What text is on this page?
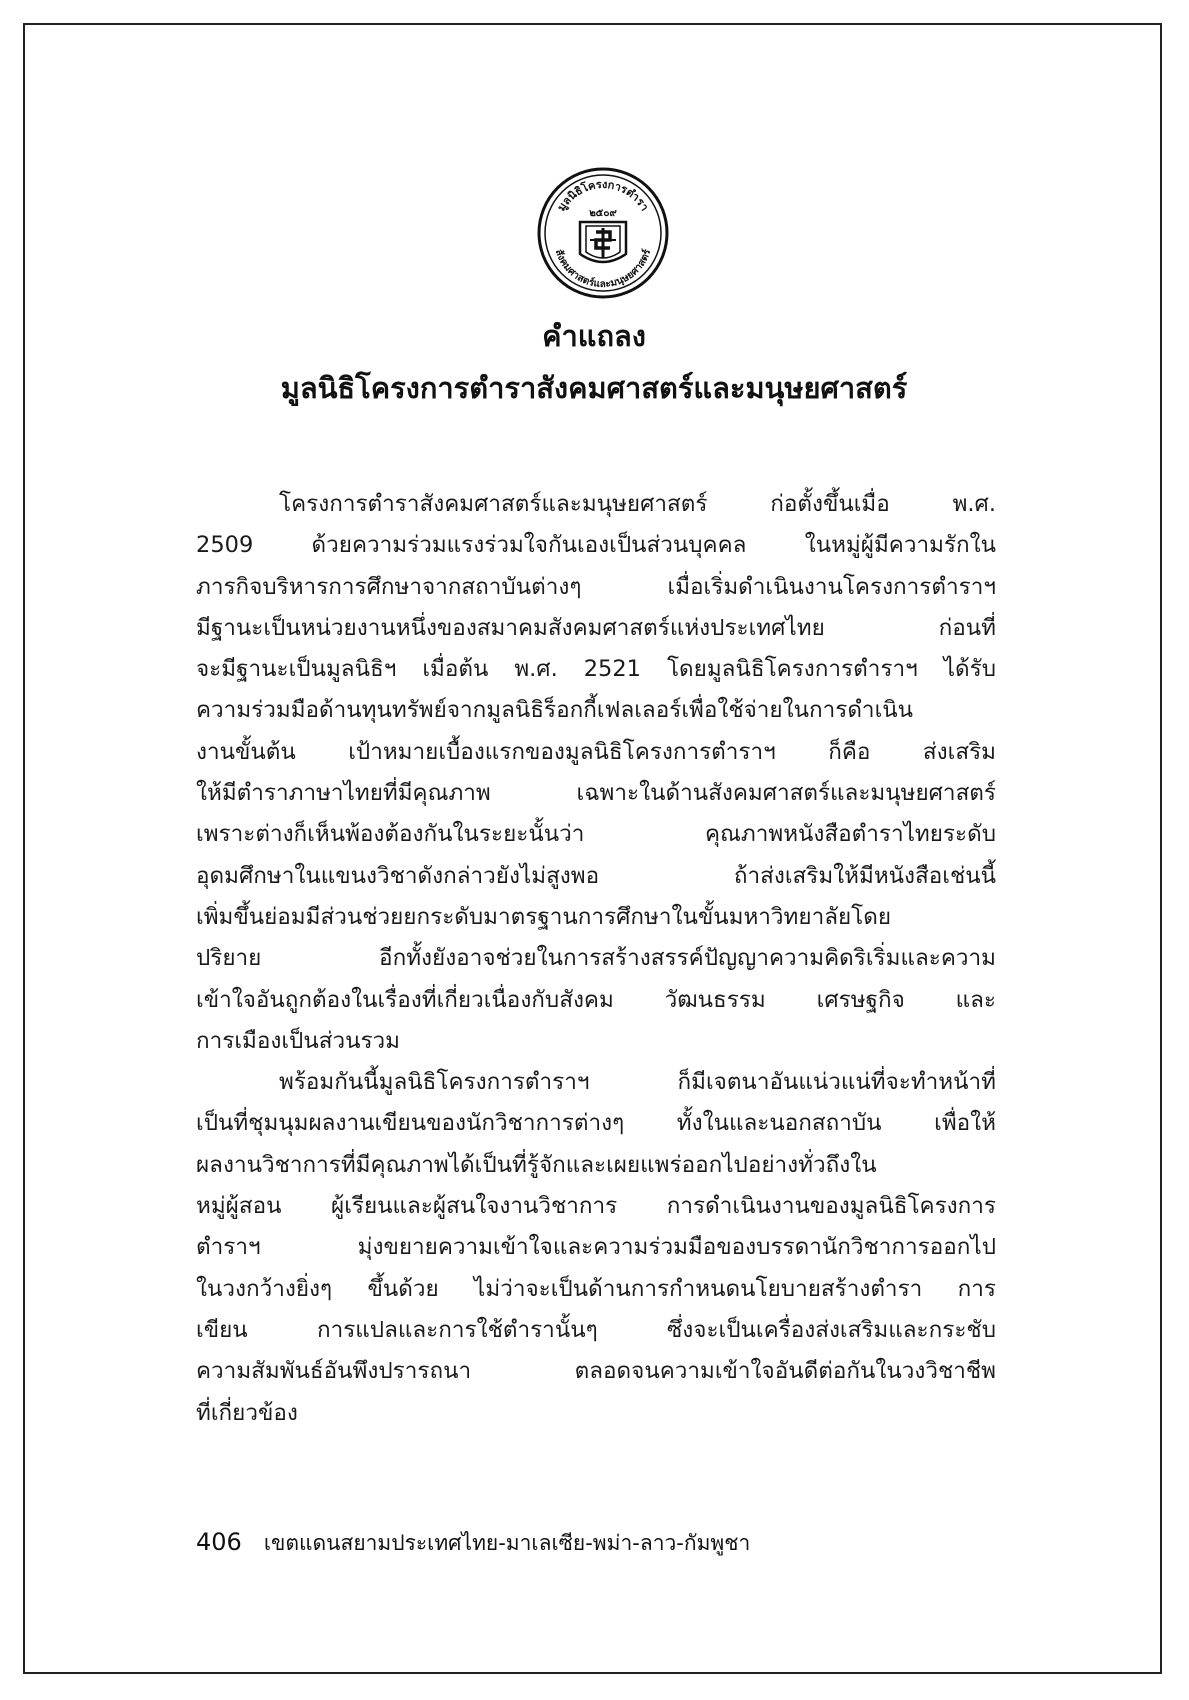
มูลนิธิโครงการตำรา
สังคมศาสตร์และมนุษยศาสตร์
๒๕๐๙
คำแถลง
มูลนิธิโครงการตำราสังคมศาสตร์และมนุษยศาสตร์
โครงการตำราสังคมศาสตร์และมนุษยศาสตร์ ก่อตั้งขึ้นเมื่อ พ.ศ.
2509 ด้วยความร่วมแรงร่วมใจกันเองเป็นส่วนบุคคล ในหมู่ผู้มีความรักใน
ภารกิจบริหารการศึกษาจากสถาบันต่างๆ เมื่อเริ่มดำเนินงานโครงการตำราฯ
มีฐานะเป็นหน่วยงานหนึ่งของสมาคมสังคมศาสตร์แห่งประเทศไทย ก่อนที่
จะมีฐานะเป็นมูลนิธิฯ เมื่อต้น พ.ศ. 2521 โดยมูลนิธิโครงการตำราฯ ได้รับ
ความร่วมมือด้านทุนทรัพย์จากมูลนิธิร็อกกี้เฟลเลอร์เพื่อใช้จ่ายในการดำเนิน
งานขั้นต้น เป้าหมายเบื้องแรกของมูลนิธิโครงการตำราฯ ก็คือ ส่งเสริม
ให้มีตำราภาษาไทยที่มีคุณภาพ เฉพาะในด้านสังคมศาสตร์และมนุษยศาสตร์
เพราะต่างก็เห็นพ้องต้องกันในระยะนั้นว่า คุณภาพหนังสือตำราไทยระดับ
อุดมศึกษาในแขนงวิชาดังกล่าวยังไม่สูงพอ ถ้าส่งเสริมให้มีหนังสือเช่นนี้
เพิ่มขึ้นย่อมมีส่วนช่วยยกระดับมาตรฐานการศึกษาในขั้นมหาวิทยาลัยโดย
ปริยาย อีกทั้งยังอาจช่วยในการสร้างสรรค์ปัญญาความคิดริเริ่มและความ
เข้าใจอันถูกต้องในเรื่องที่เกี่ยวเนื่องกับสังคม วัฒนธรรม เศรษฐกิจ และ
การเมืองเป็นส่วนรวม
พร้อมกันนี้มูลนิธิโครงการตำราฯ ก็มีเจตนาอันแน่วแน่ที่จะทำหน้าที่
เป็นที่ชุมนุมผลงานเขียนของนักวิชาการต่างๆ ทั้งในและนอกสถาบัน เพื่อให้
ผลงานวิชาการที่มีคุณภาพได้เป็นที่รู้จักและเผยแพร่ออกไปอย่างทั่วถึงใน
หมู่ผู้สอน ผู้เรียนและผู้สนใจงานวิชาการ การดำเนินงานของมูลนิธิโครงการ
ตำราฯ มุ่งขยายความเข้าใจและความร่วมมือของบรรดานักวิชาการออกไป
ในวงกว้างยิ่งๆ ขึ้นด้วย ไม่ว่าจะเป็นด้านการกำหนดนโยบายสร้างตำรา การ
เขียน การแปลและการใช้ตำรานั้นๆ ซึ่งจะเป็นเครื่องส่งเสริมและกระชับ
ความสัมพันธ์อันพึงปรารถนา ตลอดจนความเข้าใจอันดีต่อกันในวงวิชาชีพ
ที่เกี่ยวข้อง
406 เขตแดนสยามประเทศไทย-มาเลเซีย-พม่า-ลาว-กัมพูชา
